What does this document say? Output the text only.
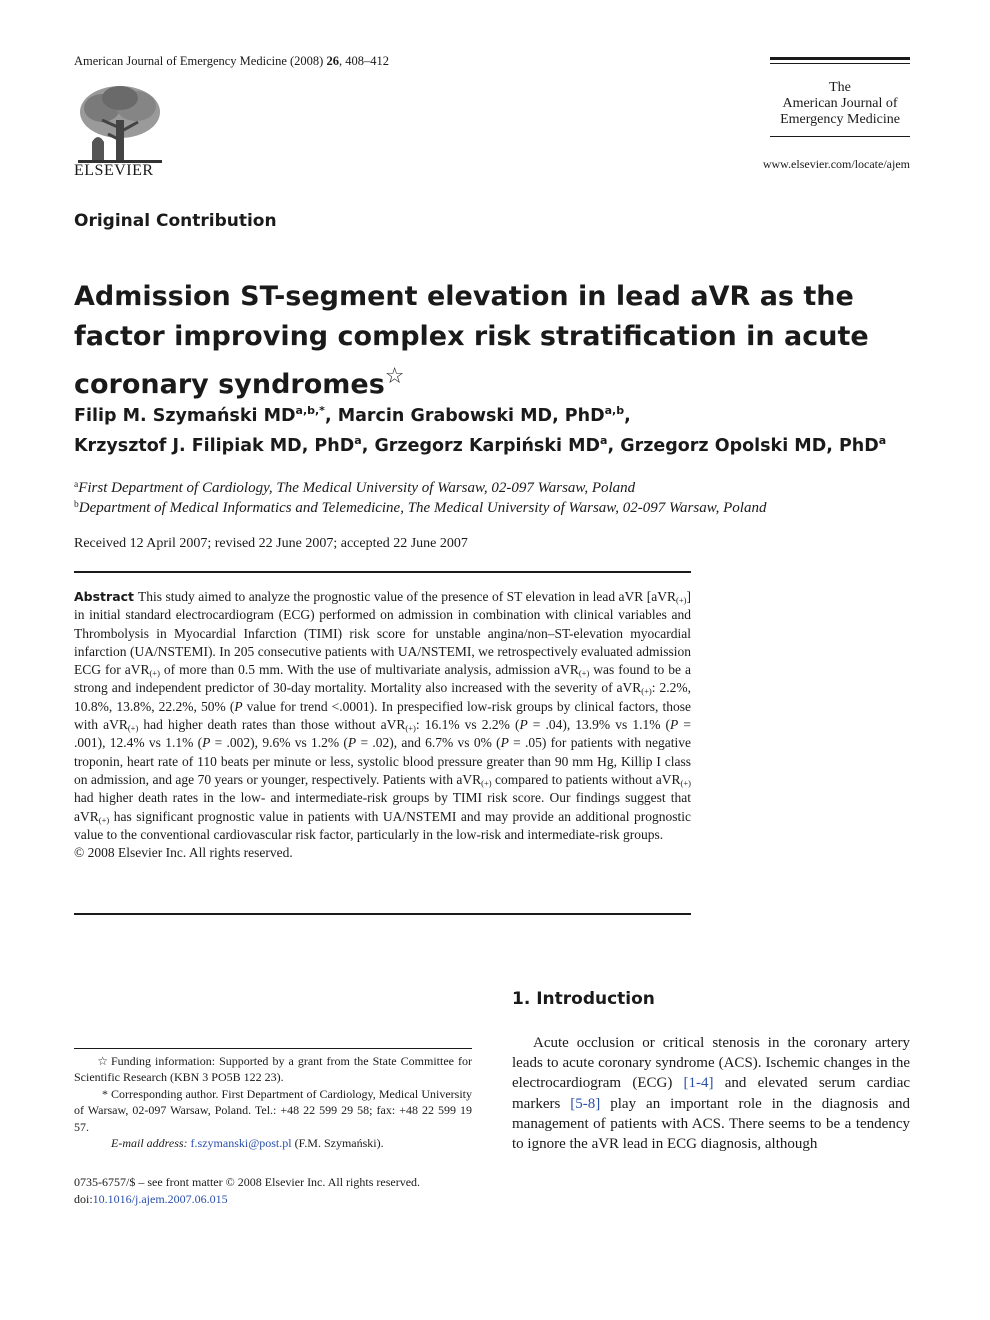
American Journal of Emergency Medicine (2008) 26, 408–412
ELSEVIER
The
American Journal of
Emergency Medicine
www.elsevier.com/locate/ajem
Original Contribution
Admission ST-segment elevation in lead aVR as the factor improving complex risk stratification in acute coronary syndromes☆
Filip M. Szymański $MD^{a,b,*}$, Marcin Grabowski MD, PhD$^{a,b}$,
Krzysztof J. Filipiak MD, PhD$^a$, Grzegorz Karpiński $MD^a$, Grzegorz Opolski MD, PhD$^a$
$^a$First Department of Cardiology, The Medical University of Warsaw, 02-097 Warsaw, Poland
$^b$Department of Medical Informatics and Telemedicine, The Medical University of Warsaw, 02-097 Warsaw, Poland
Received 12 April 2007; revised 22 June 2007; accepted 22 June 2007
Abstract This study aimed to analyze the prognostic value of the presence of ST elevation in lead aVR [aVR$_{(+)}$] in initial standard electrocardiogram (ECG) performed on admission in combination with clinical variables and Thrombolysis in Myocardial Infarction (TIMI) risk score for unstable angina/non–ST-elevation myocardial infarction (UA/NSTEMI). In 205 consecutive patients with UA/NSTEMI, we retrospectively evaluated admission ECG for aVR$_{(+)}$ of more than 0.5 mm. With the use of multivariate analysis, admission aVR$_{(+)}$ was found to be a strong and independent predictor of 30-day mortality. Mortality also increased with the severity of aVR$_{(+)}$: 2.2%, 10.8%, 13.8%, 22.2%, 50% (P value for trend <.0001). In prespecified low-risk groups by clinical factors, those with aVR$_{(+)}$ had higher death rates than those without aVR$_{(+)}$: 16.1% vs 2.2% (P = .04), 13.9% vs 1.1% (P = .001), 12.4% vs 1.1% (P = .002), 9.6% vs 1.2% (P = .02), and 6.7% vs 0% (P = .05) for patients with negative troponin, heart rate of 110 beats per minute or less, systolic blood pressure greater than 90 mm Hg, Killip I class on admission, and age 70 years or younger, respectively. Patients with aVR$_{(+)}$ compared to patients without aVR$_{(+)}$ had higher death rates in the low- and intermediate-risk groups by TIMI risk score. Our findings suggest that aVR$_{(+)}$ has significant prognostic value in patients with UA/NSTEMI and may provide an additional prognostic value to the conventional cardiovascular risk factor, particularly in the low-risk and intermediate-risk groups.
© 2008 Elsevier Inc. All rights reserved.
☆ Funding information: Supported by a grant from the State Committee for Scientific Research (KBN 3 PO5B 122 23).
* Corresponding author. First Department of Cardiology, Medical University of Warsaw, 02-097 Warsaw, Poland. Tel.: +48 22 599 29 58; fax: +48 22 599 19 57.
E-mail address: f.szymanski@post.pl (F.M. Szymański).
0735-6757/$ – see front matter © 2008 Elsevier Inc. All rights reserved.
doi:10.1016/j.ajem.2007.06.015
1. Introduction
Acute occlusion or critical stenosis in the coronary artery leads to acute coronary syndrome (ACS). Ischemic changes in the electrocardiogram (ECG) [1-4] and elevated serum cardiac markers [5-8] play an important role in the diagnosis and management of patients with ACS. There seems to be a tendency to ignore the aVR lead in ECG diagnosis, although
